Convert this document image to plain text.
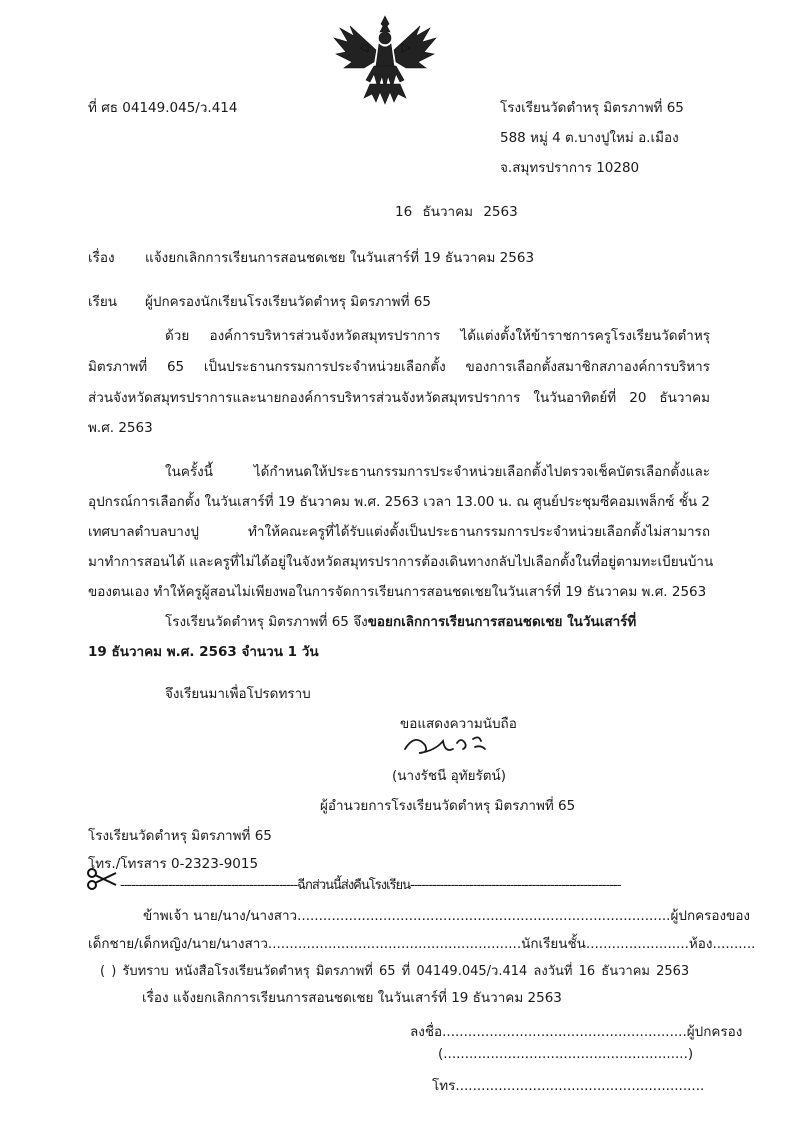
ที่ ศธ 04149.045/ว.414	โรงเรียนวัดตำหรุ มิตรภาพที่ 65
588 หมู่ 4 ต.บางปูใหม่ อ.เมือง
จ.สมุทรปราการ 10280
16 ธันวาคม 2563
เรื่อง แจ้งยกเลิกการเรียนการสอนชดเชย ในวันเสาร์ที่ 19 ธันวาคม 2563
เรียน ผู้ปกครองนักเรียนโรงเรียนวัดตำหรุ มิตรภาพที่ 65
ด้วย องค์การบริหารส่วนจังหวัดสมุทรปราการ ได้แต่งตั้งให้ข้าราชการครูโรงเรียนวัดตำหรุ
มิตรภาพที่ 65 เป็นประธานกรรมการประจำหน่วยเลือกตั้ง ของการเลือกตั้งสมาชิกสภาองค์การบริหาร
ส่วนจังหวัดสมุทรปราการและนายกองค์การบริหารส่วนจังหวัดสมุทรปราการ ในวันอาทิตย์ที่ 20 ธันวาคม
พ.ศ. 2563
ในครั้งนี้ ได้กำหนดให้ประธานกรรมการประจำหน่วยเลือกตั้งไปตรวจเช็คบัตรเลือกตั้งและ
อุปกรณ์การเลือกตั้ง ในวันเสาร์ที่ 19 ธันวาคม พ.ศ. 2563 เวลา 13.00 น. ณ ศูนย์ประชุมซีคอมเพล็กซ์ ชั้น 2
เทศบาลตำบลบางปู ทำให้คณะครูที่ได้รับแต่งตั้งเป็นประธานกรรมการประจำหน่วยเลือกตั้งไม่สามารถ
มาทำการสอนได้ และครูที่ไม่ได้อยู่ในจังหวัดสมุทรปราการต้องเดินทางกลับไปเลือกตั้งในที่อยู่ตามทะเบียนบ้าน
ของตนเอง ทำให้ครูผู้สอนไม่เพียงพอในการจัดการเรียนการสอนชดเชยในวันเสาร์ที่ 19 ธันวาคม พ.ศ. 2563
โรงเรียนวัดตำหรุ มิตรภาพที่ 65 จึงขอยกเลิกการเรียนการสอนชดเชย ในวันเสาร์ที่
19 ธันวาคม พ.ศ. 2563 จำนวน 1 วัน
จึงเรียนมาเพื่อโปรดทราบ
ขอแสดงความนับถือ
(นางรัชนี อุทัยรัตน์)
ผู้อำนวยการโรงเรียนวัดตำหรุ มิตรภาพที่ 65
โรงเรียนวัดตำหรุ มิตรภาพที่ 65
โทร./โทรสาร 0-2323-9015
------------------------------------------------ฉีกส่วนนี้ส่งคืนโรงเรียน---------------------------------------------------------
ข้าพเจ้า นาย/นาง/นางสาว.......................................................................................ผู้ปกครองของ
เด็กชาย/เด็กหญิง/นาย/นางสาว...........................................................นักเรียนชั้น........................ห้อง..........
( ) รับทราบ หนังสือโรงเรียนวัดตำหรุ มิตรภาพที่ 65 ที่ 04149.045/ว.414 ลงวันที่ 16 ธันวาคม 2563
เรื่อง แจ้งยกเลิกการเรียนการสอนชดเชย ในวันเสาร์ที่ 19 ธันวาคม 2563
ลงชื่อ.........................................................ผู้ปกครอง
(.........................................................)
โทร..........................................................
